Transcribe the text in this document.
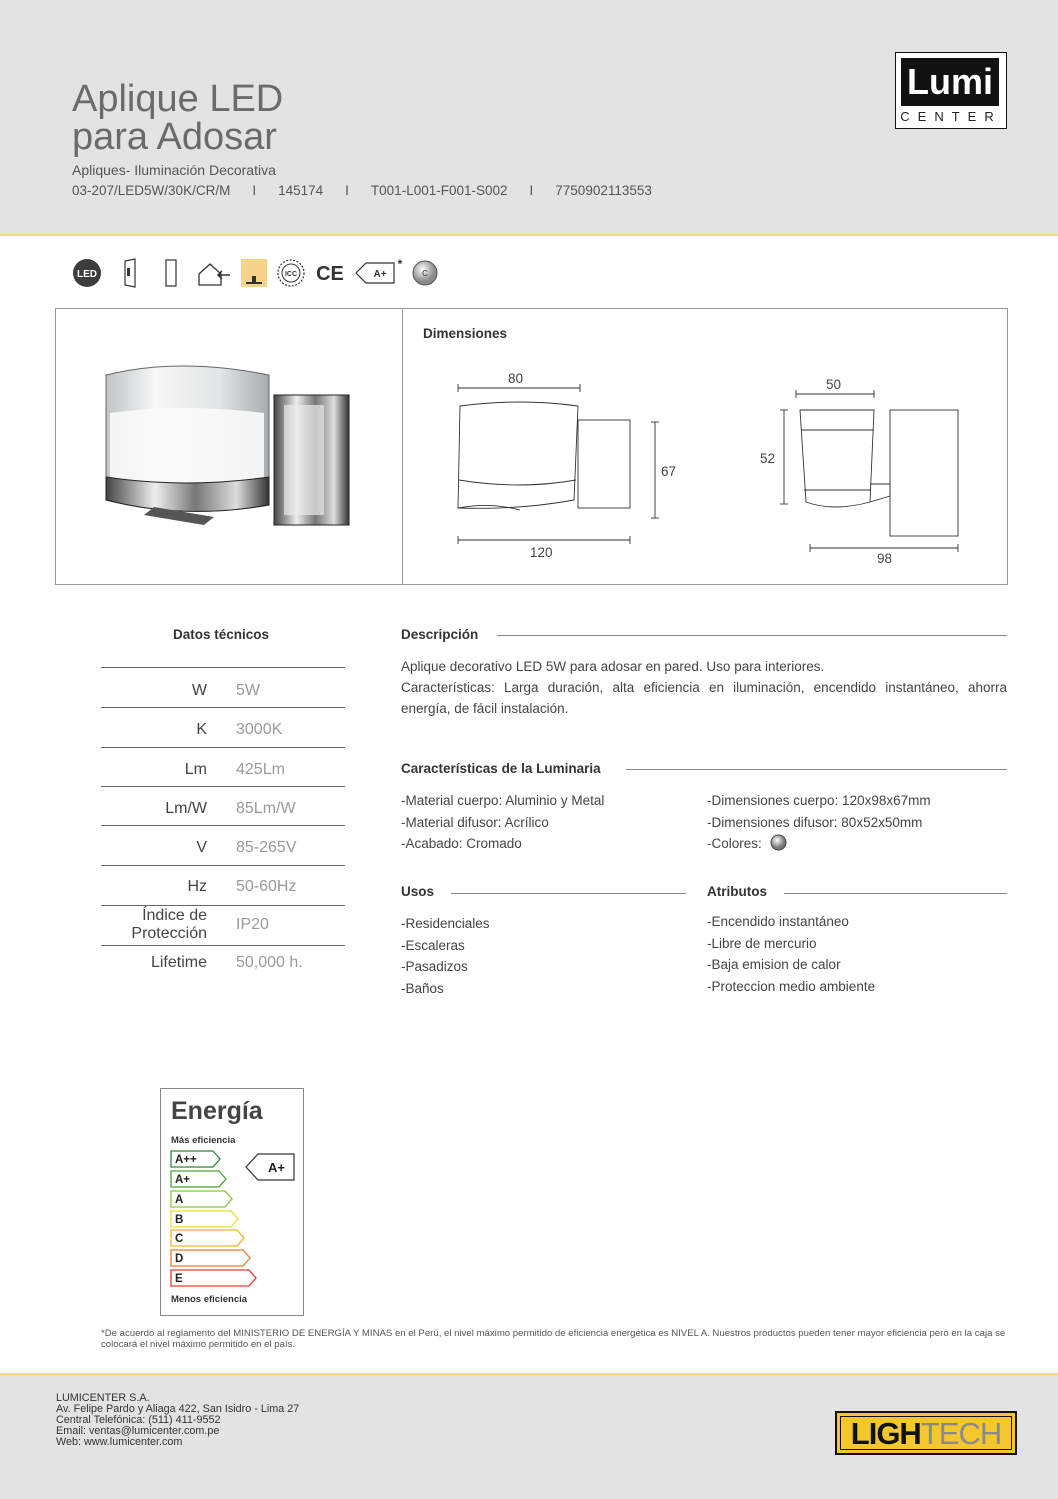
Aplique LED
para Adosar
Apliques- Iluminación Decorativa
03-207/LED5W/30K/CR/M I 145174 I T001-L001-F001-S002 I 7750902113553
Lumi
CENTER
LED	ICC CE	A+
*
C
Dimensiones
80
67
120
50
52
98
Datos técnicos
W 5W
K 3000K
Lm 425Lm
Lm/W 85Lm/W
V 85-265V
Hz 50-60Hz
Índice de Protección
IP20
Lifetime 50,000 h.
Descripción
Aplique decorativo LED 5W para adosar en pared. Uso para interiores.
Características: Larga duración, alta eficiencia en iluminación, encendido instantáneo, ahorra energía, de fácil instalación.
Características de la Luminaria
-Material cuerpo: Aluminio y Metal
-Material difusor: Acrílico
-Acabado: Cromado
-Dimensiones cuerpo: 120x98x67mm
-Dimensiones difusor: 80x52x50mm
-Colores:
Usos
-Residenciales
-Escaleras
-Pasadizos
-Baños
Atributos
-Encendido instantáneo
-Libre de mercurio
-Baja emision de calor
-Proteccion medio ambiente
Energía
Más eficiencia
A++
A+
A
B
C
D
E
A+
Menos eficiencia
*De acuerdo al reglamento del MINISTERIO DE ENERGÍA Y MINAS en el Perú, el nivel máximo permitido de eficiencia energética es NIVEL A. Nuestros productos pueden tener mayor eficiencia pero en la caja se colocará el nivel máximo permitido en el país.
LUMICENTER S.A.
Av. Felipe Pardo y Aliaga 422, San Isidro - Lima 27
Central Telefónica: (511) 411-9552
Email: ventas@lumicenter.com.pe
Web: www.lumicenter.com	LIGHTECH
